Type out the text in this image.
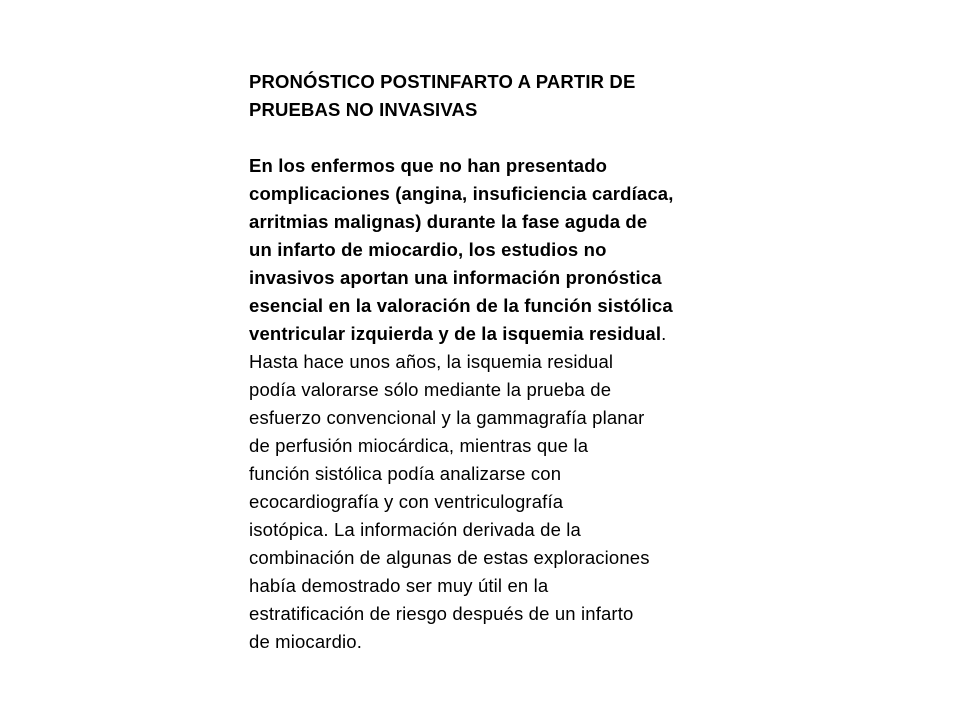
PRONÓSTICO POSTINFARTO A PARTIR DE
PRUEBAS NO INVASIVAS
En los enfermos que no han presentado
complicaciones (angina, insuficiencia cardíaca,
arritmias malignas) durante la fase aguda de
un infarto de miocardio, los estudios no
invasivos aportan una información pronóstica
esencial en la valoración de la función sistólica
ventricular izquierda y de la isquemia residual.
Hasta hace unos años, la isquemia residual
podía valorarse sólo mediante la prueba de
esfuerzo convencional y la gammagrafía planar
de perfusión miocárdica, mientras que la
función sistólica podía analizarse con
ecocardiografía y con ventriculografía
isotópica. La información derivada de la
combinación de algunas de estas exploraciones
había demostrado ser muy útil en la
estratificación de riesgo después de un infarto
de miocardio.
